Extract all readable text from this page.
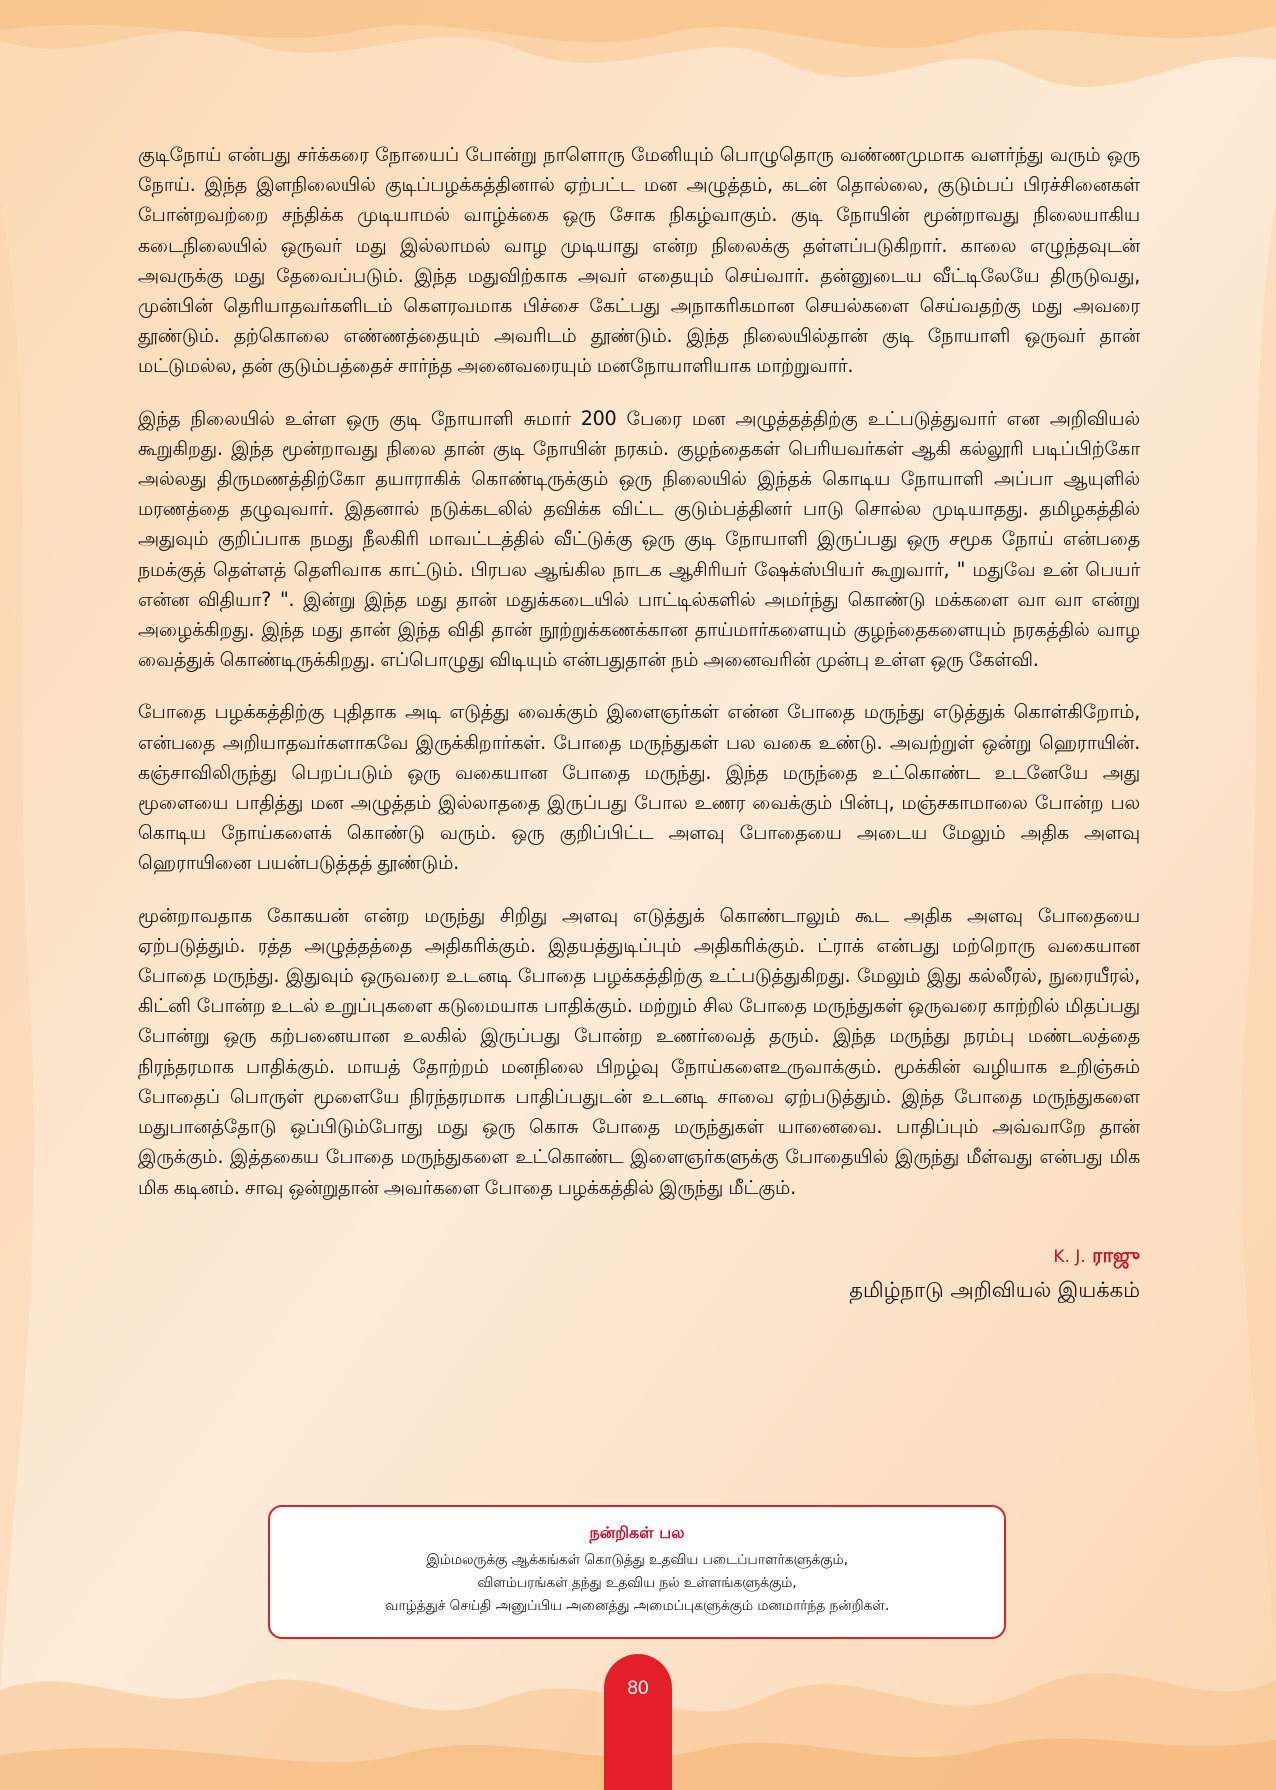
குடிநோய் என்பது சர்க்கரை நோயைப் போன்று நாளொரு மேனியும் பொழுதொரு வண்ணமுமாக வளர்ந்து வரும் ஒரு நோய். இந்த இளநிலையில் குடிப்பழக்கத்தினால் ஏற்பட்ட மன அழுத்தம், கடன் தொல்லை, குடும்பப் பிரச்சினைகள் போன்றவற்றை சந்திக்க முடியாமல் வாழ்க்கை ஒரு சோக நிகழ்வாகும். குடி நோயின் மூன்றாவது நிலையாகிய கடைநிலையில் ஒருவர் மது இல்லாமல் வாழ முடியாது என்ற நிலைக்கு தள்ளப்படுகிறார். காலை எழுந்தவுடன் அவருக்கு மது தேவைப்படும். இந்த மதுவிற்காக அவர் எதையும் செய்வார். தன்னுடைய வீட்டிலேயே திருடுவது, முன்பின் தெரியாதவர்களிடம் கௌரவமாக பிச்சை கேட்பது அநாகரிகமான செயல்களை செய்வதற்கு மது அவரை தூண்டும். தற்கொலை எண்ணத்தையும் அவரிடம் தூண்டும். இந்த நிலையில்தான் குடி நோயாளி ஒருவர் தான் மட்டுமல்ல, தன் குடும்பத்தைச் சார்ந்த அனைவரையும் மனநோயாளியாக மாற்றுவார்.

இந்த நிலையில் உள்ள ஒரு குடி நோயாளி சுமார் 200 பேரை மன அழுத்தத்திற்கு உட்படுத்துவார் என அறிவியல் கூறுகிறது. இந்த மூன்றாவது நிலை தான் குடி நோயின் நரகம். குழந்தைகள் பெரியவர்கள் ஆகி கல்லூரி படிப்பிற்கோ அல்லது திருமணத்திற்கோ தயாராகிக் கொண்டிருக்கும் ஒரு நிலையில் இந்தக் கொடிய நோயாளி அப்பா ஆயுளில் மரணத்தை தழுவுவார். இதனால் நடுக்கடலில் தவிக்க விட்ட குடும்பத்தினர் பாடு சொல்ல முடியாதது. தமிழகத்தில் அதுவும் குறிப்பாக நமது நீலகிரி மாவட்டத்தில் வீட்டுக்கு ஒரு குடி நோயாளி இருப்பது ஒரு சமூக நோய் என்பதை நமக்குத் தெள்ளத் தெளிவாக காட்டும். பிரபல ஆங்கில நாடக ஆசிரியர் ஷேக்ஸ்பியர் கூறுவார், " மதுவே உன் பெயர் என்ன விதியா? ". இன்று இந்த மது தான் மதுக்கடையில் பாட்டில்களில் அமர்ந்து கொண்டு மக்களை வா வா என்று அழைக்கிறது. இந்த மது தான் இந்த விதி தான் நூற்றுக்கணக்கான தாய்மார்களையும் குழந்தைகளையும் நரகத்தில் வாழ வைத்துக் கொண்டிருக்கிறது. எப்பொழுது விடியும் என்பதுதான் நம் அனைவரின் முன்பு உள்ள ஒரு கேள்வி.

போதை பழக்கத்திற்கு புதிதாக அடி எடுத்து வைக்கும் இளைஞர்கள் என்ன போதை மருந்து எடுத்துக் கொள்கிறோம், என்பதை அறியாதவர்களாகவே இருக்கிறார்கள். போதை மருந்துகள் பல வகை உண்டு. அவற்றுள் ஒன்று ஹெராயின். கஞ்சாவிலிருந்து பெறப்படும் ஒரு வகையான போதை மருந்து. இந்த மருந்தை உட்கொண்ட உடனேயே அது மூளையை பாதித்து மன அழுத்தம் இல்லாததை இருப்பது போல உணர வைக்கும் பின்பு, மஞ்சகாமாலை போன்ற பல கொடிய நோய்களைக் கொண்டு வரும். ஒரு குறிப்பிட்ட அளவு போதையை அடைய மேலும் அதிக அளவு ஹெராயினை பயன்படுத்தத் தூண்டும்.

மூன்றாவதாக கோகயன் என்ற மருந்து சிறிது அளவு எடுத்துக் கொண்டாலும் கூட அதிக அளவு போதையை ஏற்படுத்தும். ரத்த அழுத்தத்தை அதிகரிக்கும். இதயத்துடிப்பும் அதிகரிக்கும். ட்ராக் என்பது மற்றொரு வகையான போதை மருந்து. இதுவும் ஒருவரை உடனடி போதை பழக்கத்திற்கு உட்படுத்துகிறது. மேலும் இது கல்லீரல், நுரையீரல், கிட்னி போன்ற உடல் உறுப்புகளை கடுமையாக பாதிக்கும். மற்றும் சில போதை மருந்துகள் ஒருவரை காற்றில் மிதப்பது போன்று ஒரு கற்பனையான உலகில் இருப்பது போன்ற உணர்வைத் தரும். இந்த மருந்து நரம்பு மண்டலத்தை நிரந்தரமாக பாதிக்கும். மாயத் தோற்றம் மனநிலை பிறழ்வு நோய்களைஉருவாக்கும். மூக்கின் வழியாக உறிஞ்சும் போதைப் பொருள் மூளையே நிரந்தரமாக பாதிப்பதுடன் உடனடி சாவை ஏற்படுத்தும். இந்த போதை மருந்துகளை மதுபானத்தோடு ஒப்பிடும்போது மது ஒரு கொசு போதை மருந்துகள் யானைவை. பாதிப்பும் அவ்வாறே தான் இருக்கும். இத்தகைய போதை மருந்துகளை உட்கொண்ட இளைஞர்களுக்கு போதையில் இருந்து மீள்வது என்பது மிக மிக கடினம். சாவு ஒன்றுதான் அவர்களை போதை பழக்கத்தில் இருந்து மீட்கும்.

K. J. ராஜு
தமிழ்நாடு அறிவியல் இயக்கம்
நன்றிகள் பல
இம்மலருக்கு ஆக்கங்கள் கொடுத்து உதவிய படைப்பாளர்களுக்கும்,
விளம்பரங்கள் தந்து உதவிய நல் உள்ளங்களுக்கும்,
வாழ்த்துச் செய்தி அனுப்பிய அனைத்து அமைப்புகளுக்கும் மனமார்ந்த நன்றிகள்.
80
